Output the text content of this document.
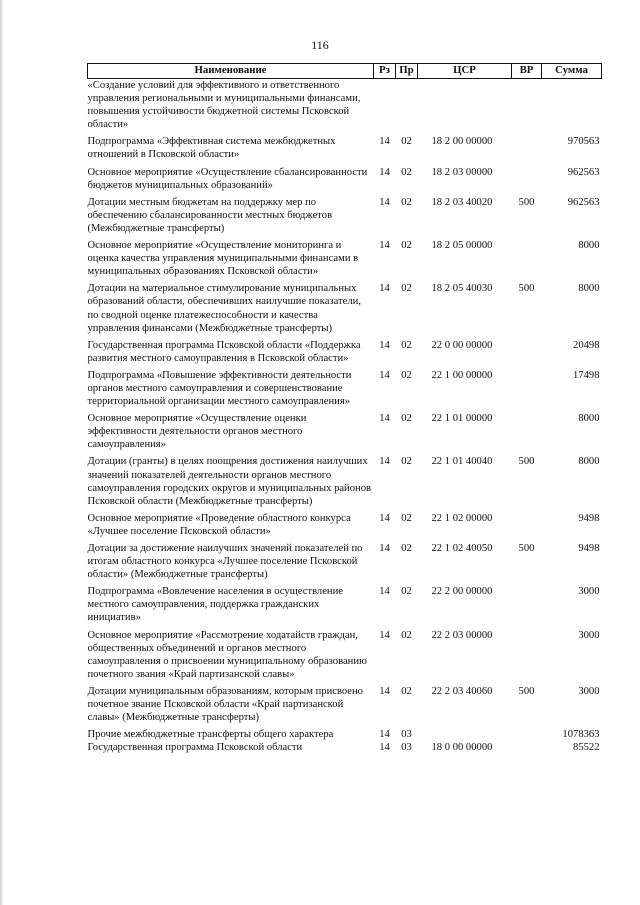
116
Наименование	Рз	Пр	ЦСР	ВР	Сумма
«Создание условий для эффективного и ответственного управления региональными и муниципальными финансами, повышения устойчивости бюджетной системы Псковской области»					
Подпрограмма «Эффективная система межбюджетных отношений в Псковской области»	14	02	18 2 00 00000		970563
Основное мероприятие «Осуществление сбалансированности бюджетов муниципальных образований»	14	02	18 2 03 00000		962563
Дотации местным бюджетам на поддержку мер по обеспечению сбалансированности местных бюджетов (Межбюджетные трансферты)	14	02	18 2 03 40020	500	962563
Основное мероприятие «Осуществление мониторинга и оценка качества управления муниципальными финансами в муниципальных образованиях Псковской области»	14	02	18 2 05 00000		8000
Дотации на материальное стимулирование муниципальных образований области, обеспечивших наилучшие показатели, по сводной оценке платежеспособности и качества управления финансами (Межбюджетные трансферты)	14	02	18 2 05 40030	500	8000
Государственная программа Псковской области «Поддержка развития местного самоуправления в Псковской области»	14	02	22 0 00 00000		20498
Подпрограмма «Повышение эффективности деятельности органов местного самоуправления и совершенствование территориальной организации местного самоуправления»	14	02	22 1 00 00000		17498
Основное мероприятие «Осуществление оценки эффективности деятельности органов местного самоуправления»	14	02	22 1 01 00000		8000
Дотации (гранты) в целях поощрения достижения наилучших значений показателей деятельности органов местного самоуправления городских округов и муниципальных районов Псковской области (Межбюджетные трансферты)	14	02	22 1 01 40040	500	8000
Основное мероприятие «Проведение областного конкурса «Лучшее поселение Псковской области»	14	02	22 1 02 00000		9498
Дотации за достижение наилучших значений показателей по итогам областного конкурса «Лучшее поселение Псковской области» (Межбюджетные трансферты)	14	02	22 1 02 40050	500	9498
Подпрограмма «Вовлечение населения в осуществление местного самоуправления, поддержка гражданских инициатив»	14	02	22 2 00 00000		3000
Основное мероприятие «Рассмотрение ходатайств граждан, общественных объединений и органов местного самоуправления о присвоении муниципальному образованию почетного звания «Край партизанской славы»	14	02	22 2 03 00000		3000
Дотации муниципальным образованиям, которым присвоено почетное звание Псковской области «Край партизанской славы» (Межбюджетные трансферты)	14	02	22 2 03 40060	500	3000
Прочие межбюджетные трансферты общего характера	14	03			1078363
Государственная программа Псковской области	14	03	18 0 00 00000		85522
